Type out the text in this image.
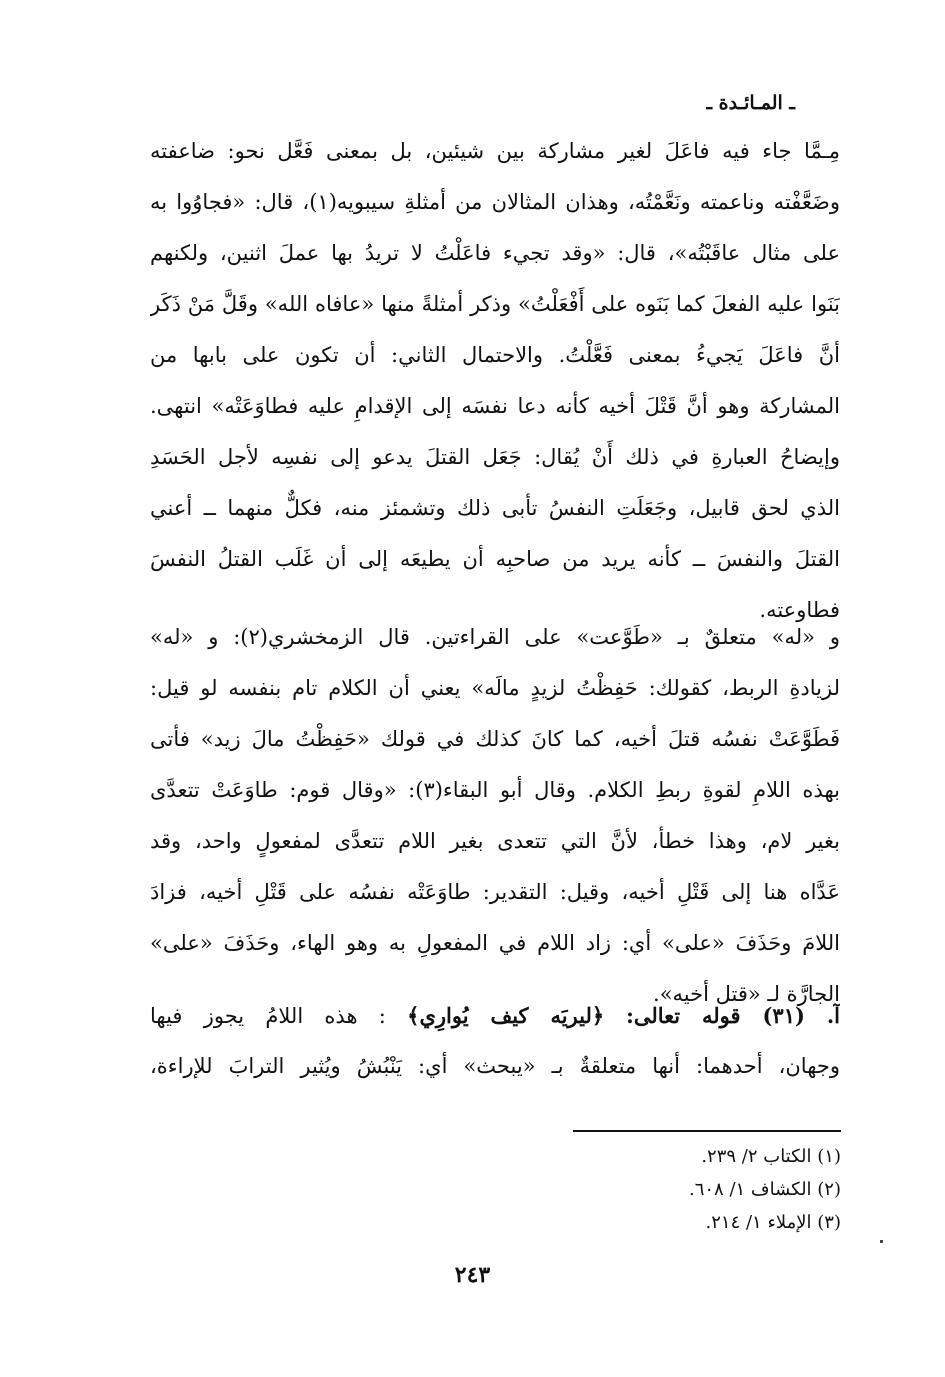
ـ المـائـدة ـ
مِـمَّا جاء فيه فاعَلَ لغير مشاركة بين شيئين، بل بمعنى فَعَّل نحو: ضاعفته
وضَعَّفْته وناعمته ونَعَّمْتُه، وهذان المثالان من أمثلةِ سيبويه(١)، قال: «فجاوُوا به
على مثال عاقَبْتُه»، قال: «وقد تجيء فاعَلْتُ لا تريدُ بها عملَ اثنين، ولكنهم
بَنَوا عليه الفعلَ كما بَنَوه على أَفْعَلْتُ» وذكر أمثلةً منها «عافاه الله» وقَلَّ مَنْ ذَكَر
أنَّ فاعَلَ يَجيءُ بمعنى فَعَّلْتُ. والاحتمال الثاني: أن تكون على بابها من
المشاركة وهو أنَّ قَتْلَ أخيه كأنه دعا نفسَه إلى الإقدامِ عليه فطاوَعَتْه» انتهى.
وإيضاحُ العبارةِ في ذلك أَنْ يُقال: جَعَل القتلَ يدعو إلى نفسِه لأجل الحَسَدِ
الذي لحق قابيل، وجَعَلَتِ النفسُ تأبى ذلك وتشمئز منه، فكلٌّ منهما ــ أعني
القتلَ والنفسَ ــ كأنه يريد من صاحبِه أن يطيعَه إلى أن غَلَب القتلُ النفسَ
فطاوعته.
و «له» متعلقٌ بـ «طَوَّعت» على القراءتين. قال الزمخشري(٢): و «له»
لزيادةِ الربط، كقولك: حَفِظْتُ لزيدٍ مالَه» يعني أن الكلام تام بنفسه لو قيل:
فَطَوَّعَتْ نفسُه قتلَ أخيه، كما كانَ كذلك في قولك «حَفِظْتُ مالَ زيد» فأتى
بهذه اللامِ لقوةِ ربطِ الكلام. وقال أبو البقاء(٣): «وقال قوم: طاوَعَتْ تتعدَّى
بغير لام، وهذا خطأ، لأنَّ التي تتعدى بغير اللام تتعدَّى لمفعولٍ واحد، وقد
عَدَّاه هنا إلى قَتْلِ أخيه، وقيل: التقدير: طاوَعَتْه نفسُه على قَتْلِ أخيه، فزادَ
اللامَ وحَذَفَ «على» أي: زاد اللام في المفعولِ به وهو الهاء، وحَذَفَ «على»
الجارَّة لـ «قتل أخيه».
آ. (٣١) قوله تعالى: ﴿ليريَه كيف يُوارِي﴾ : هذه اللامُ يجوز فيها
وجهان، أحدهما: أنها متعلقةٌ بـ «يبحث» أي: يَنْبُشُ ويُثير الترابَ للإراءة،
(١) الكتاب ٢/ ٢٣٩.
(٢) الكشاف ١/ ٦٠٨.
(٣) الإملاء ١/ ٢١٤.
٢٤٣
